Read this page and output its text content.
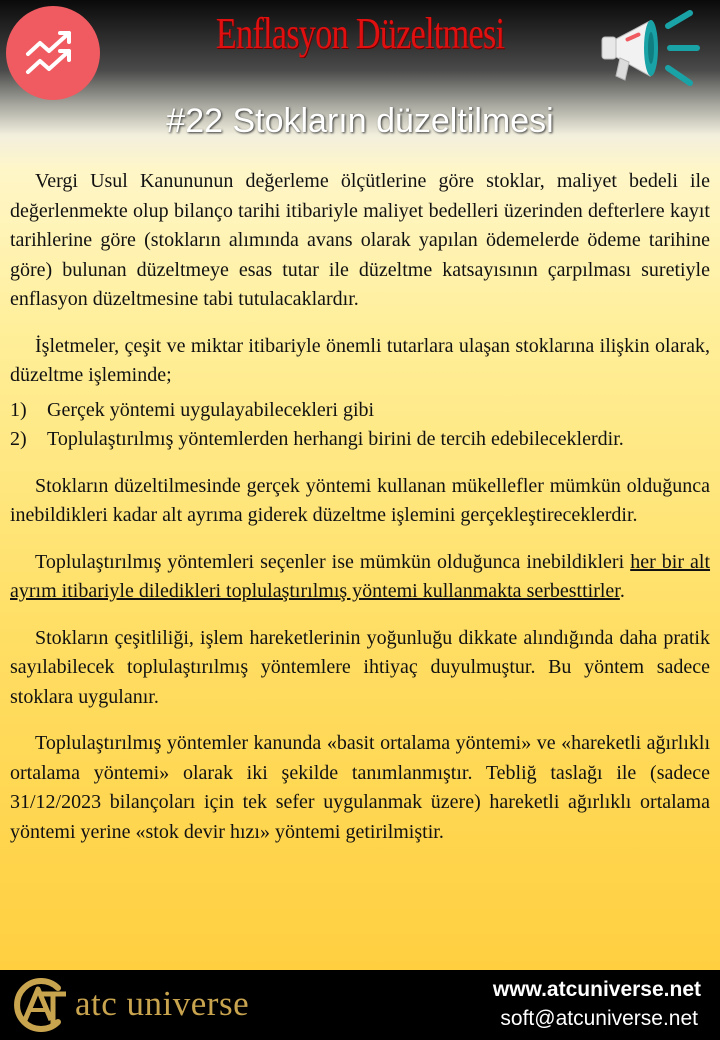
Enflasyon Düzeltmesi
#22 Stokların düzeltilmesi

Vergi Usul Kanununun değerleme ölçütlerine göre stoklar, maliyet bedeli ile değerlenmekte olup bilanço tarihi itibariyle maliyet bedelleri üzerinden defterlere kayıt tarihlerine göre (stokların alımında avans olarak yapılan ödemelerde ödeme tarihine göre) bulunan düzeltmeye esas tutar ile düzeltme katsayısının çarpılması suretiyle enflasyon düzeltmesine tabi tutulacaklardır.

İşletmeler, çeşit ve miktar itibariyle önemli tutarlara ulaşan stoklarına ilişkin olarak, düzeltme işleminde;

1) Gerçek yöntemi uygulayabilecekleri gibi
2) Toplulaştırılmış yöntemlerden herhangi birini de tercih edebileceklerdir.

Stokların düzeltilmesinde gerçek yöntemi kullanan mükellefler mümkün olduğunca inebildikleri kadar alt ayrıma giderek düzeltme işlemini gerçekleştireceklerdir.

Toplulaştırılmış yöntemleri seçenler ise mümkün olduğunca inebildikleri her bir alt ayrım itibariyle diledikleri toplulaştırılmış yöntemi kullanmakta serbesttirler.

Stokların çeşitliliği, işlem hareketlerinin yoğunluğu dikkate alındığında daha pratik sayılabilecek toplulaştırılmış yöntemlere ihtiyaç duyulmuştur. Bu yöntem sadece stoklara uygulanır.

Toplulaştırılmış yöntemler kanunda «basit ortalama yöntemi» ve «hareketli ağırlıklı ortalama yöntemi» olarak iki şekilde tanımlanmıştır. Tebliğ taslağı ile (sadece 31/12/2023 bilançoları için tek sefer uygulanmak üzere) hareketli ağırlıklı ortalama yöntemi yerine «stok devir hızı» yöntemi getirilmiştir.

atc universe	www.atcuniverse.net
soft@atcuniverse.net
